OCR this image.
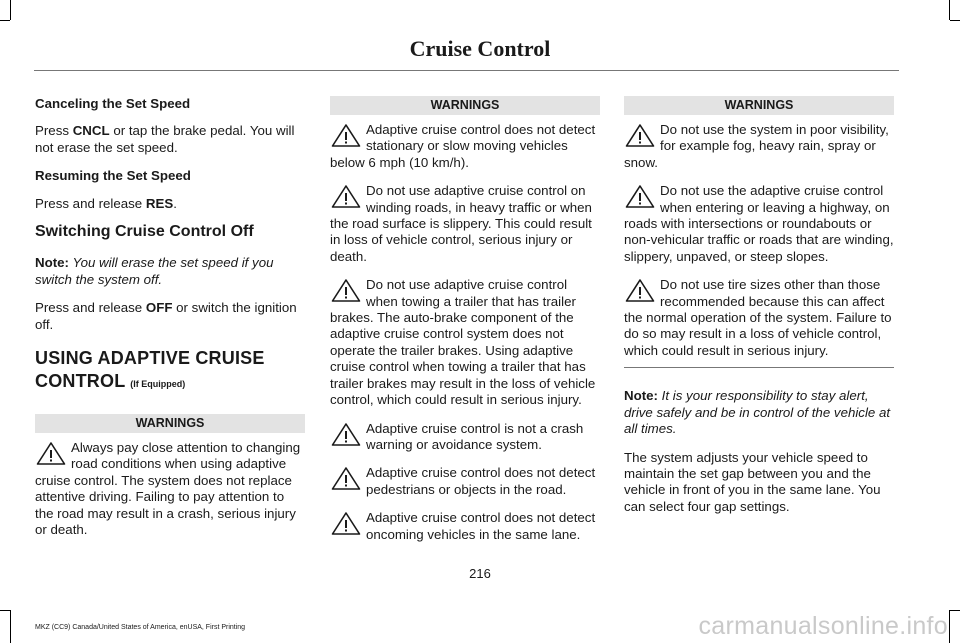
Cruise Control

Canceling the Set Speed

Press CNCL or tap the brake pedal. You will not erase the set speed.

Resuming the Set Speed

Press and release RES.

Switching Cruise Control Off

Note: You will erase the set speed if you switch the system off.

Press and release OFF or switch the ignition off.

USING ADAPTIVE CRUISE CONTROL (If Equipped)

WARNINGS

Always pay close attention to changing road conditions when using adaptive cruise control. The system does not replace attentive driving. Failing to pay attention to the road may result in a crash, serious injury or death.

WARNINGS

Adaptive cruise control does not detect stationary or slow moving vehicles below 6 mph (10 km/h).

Do not use adaptive cruise control on winding roads, in heavy traffic or when the road surface is slippery. This could result in loss of vehicle control, serious injury or death.

Do not use adaptive cruise control when towing a trailer that has trailer brakes. The auto-brake component of the adaptive cruise control system does not operate the trailer brakes. Using adaptive cruise control when towing a trailer that has trailer brakes may result in the loss of vehicle control, which could result in serious injury.

Adaptive cruise control is not a crash warning or avoidance system.

Adaptive cruise control does not detect pedestrians or objects in the road.

Adaptive cruise control does not detect oncoming vehicles in the same lane.

WARNINGS

Do not use the system in poor visibility, for example fog, heavy rain, spray or snow.

Do not use the adaptive cruise control when entering or leaving a highway, on roads with intersections or roundabouts or non-vehicular traffic or roads that are winding, slippery, unpaved, or steep slopes.

Do not use tire sizes other than those recommended because this can affect the normal operation of the system. Failure to do so may result in a loss of vehicle control, which could result in serious injury.

Note: It is your responsibility to stay alert, drive safely and be in control of the vehicle at all times.

The system adjusts your vehicle speed to maintain the set gap between you and the vehicle in front of you in the same lane. You can select four gap settings.

216
MKZ (CC9) Canada/United States of America, enUSA, First Printing	carmanualsonline.info
